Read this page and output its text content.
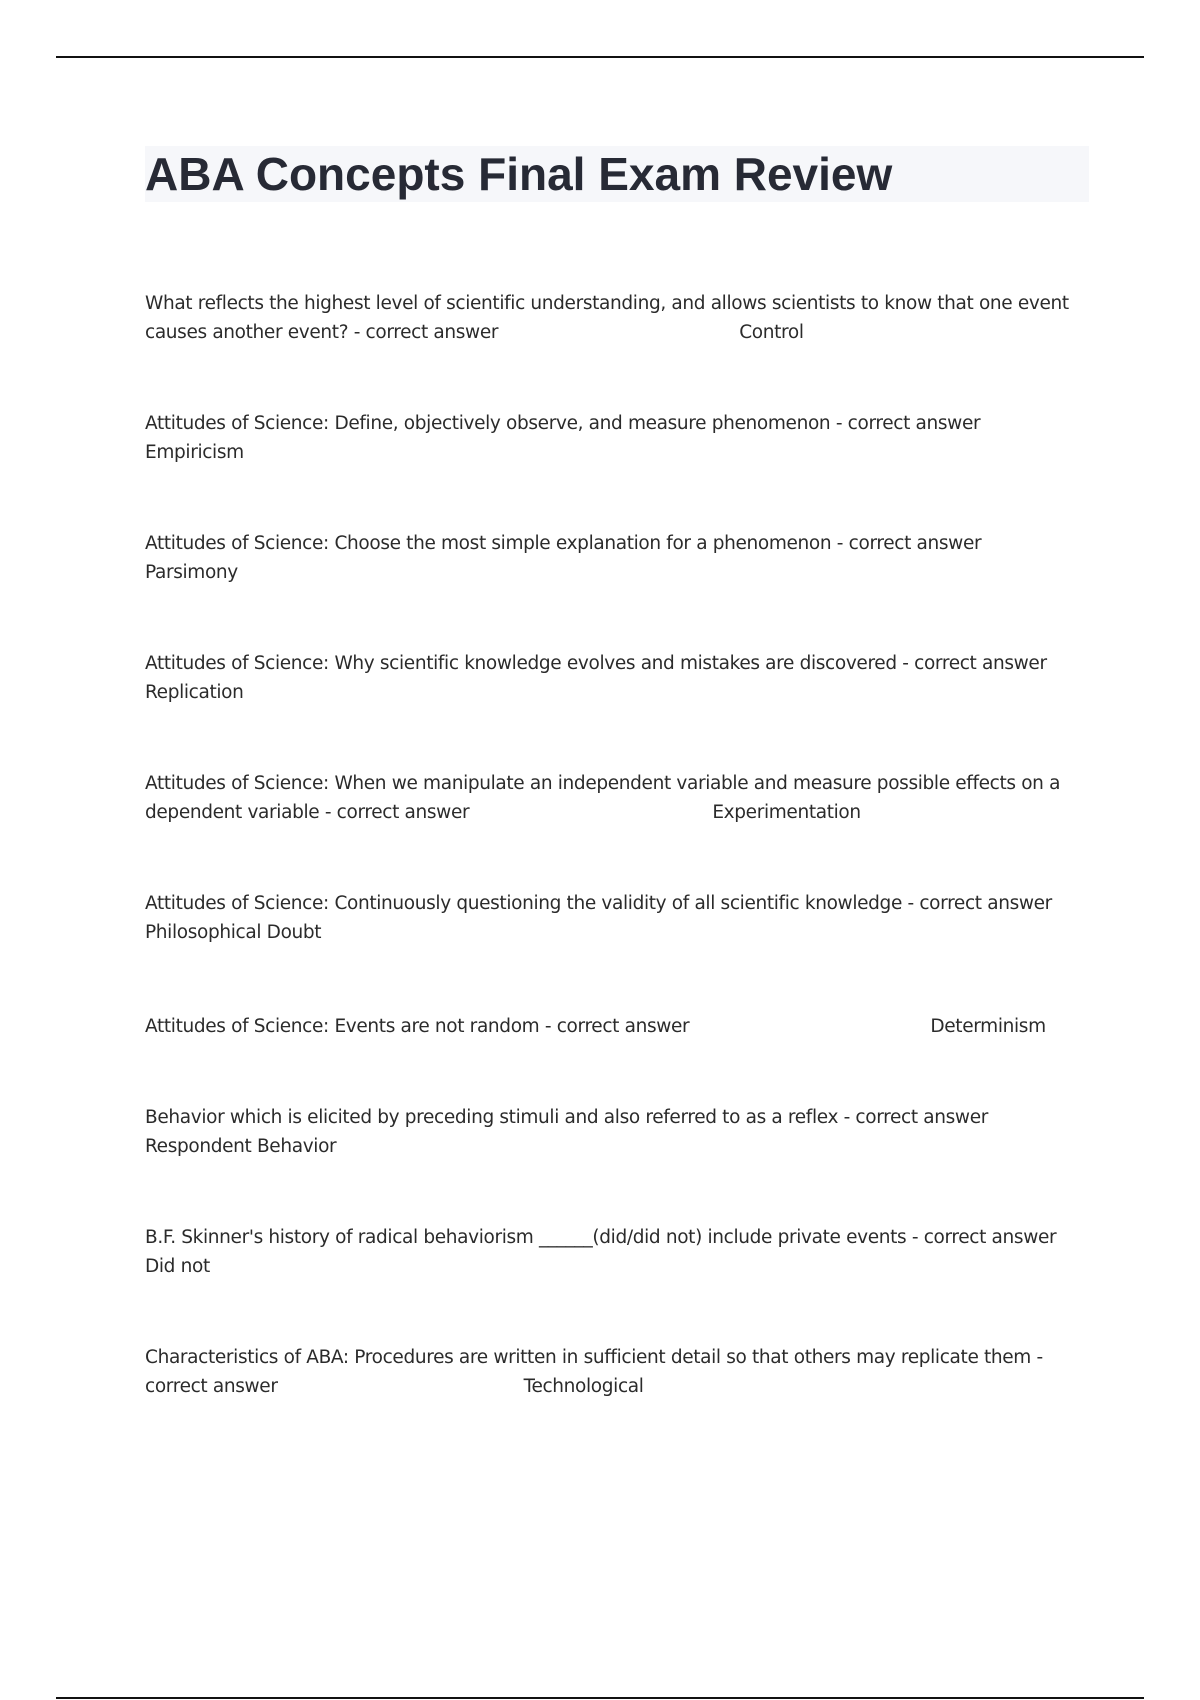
ABA Concepts Final Exam Review
What reflects the highest level of scientific understanding, and allows scientists to know that one event causes another event? - correct answer	Control
Attitudes of Science: Define, objectively observe, and measure phenomenon - correct answer
Empiricism
Attitudes of Science: Choose the most simple explanation for a phenomenon - correct answer
Parsimony
Attitudes of Science: Why scientific knowledge evolves and mistakes are discovered - correct answer
Replication
Attitudes of Science: When we manipulate an independent variable and measure possible effects on a dependent variable - correct answer	Experimentation
Attitudes of Science: Continuously questioning the validity of all scientific knowledge - correct answer
Philosophical Doubt
Attitudes of Science: Events are not random - correct answer	Determinism
Behavior which is elicited by preceding stimuli and also referred to as a reflex - correct answer
Respondent Behavior
B.F. Skinner's history of radical behaviorism ______(did/did not) include private events - correct answer
Did not
Characteristics of ABA: Procedures are written in sufficient detail so that others may replicate them - correct answer	Technological
